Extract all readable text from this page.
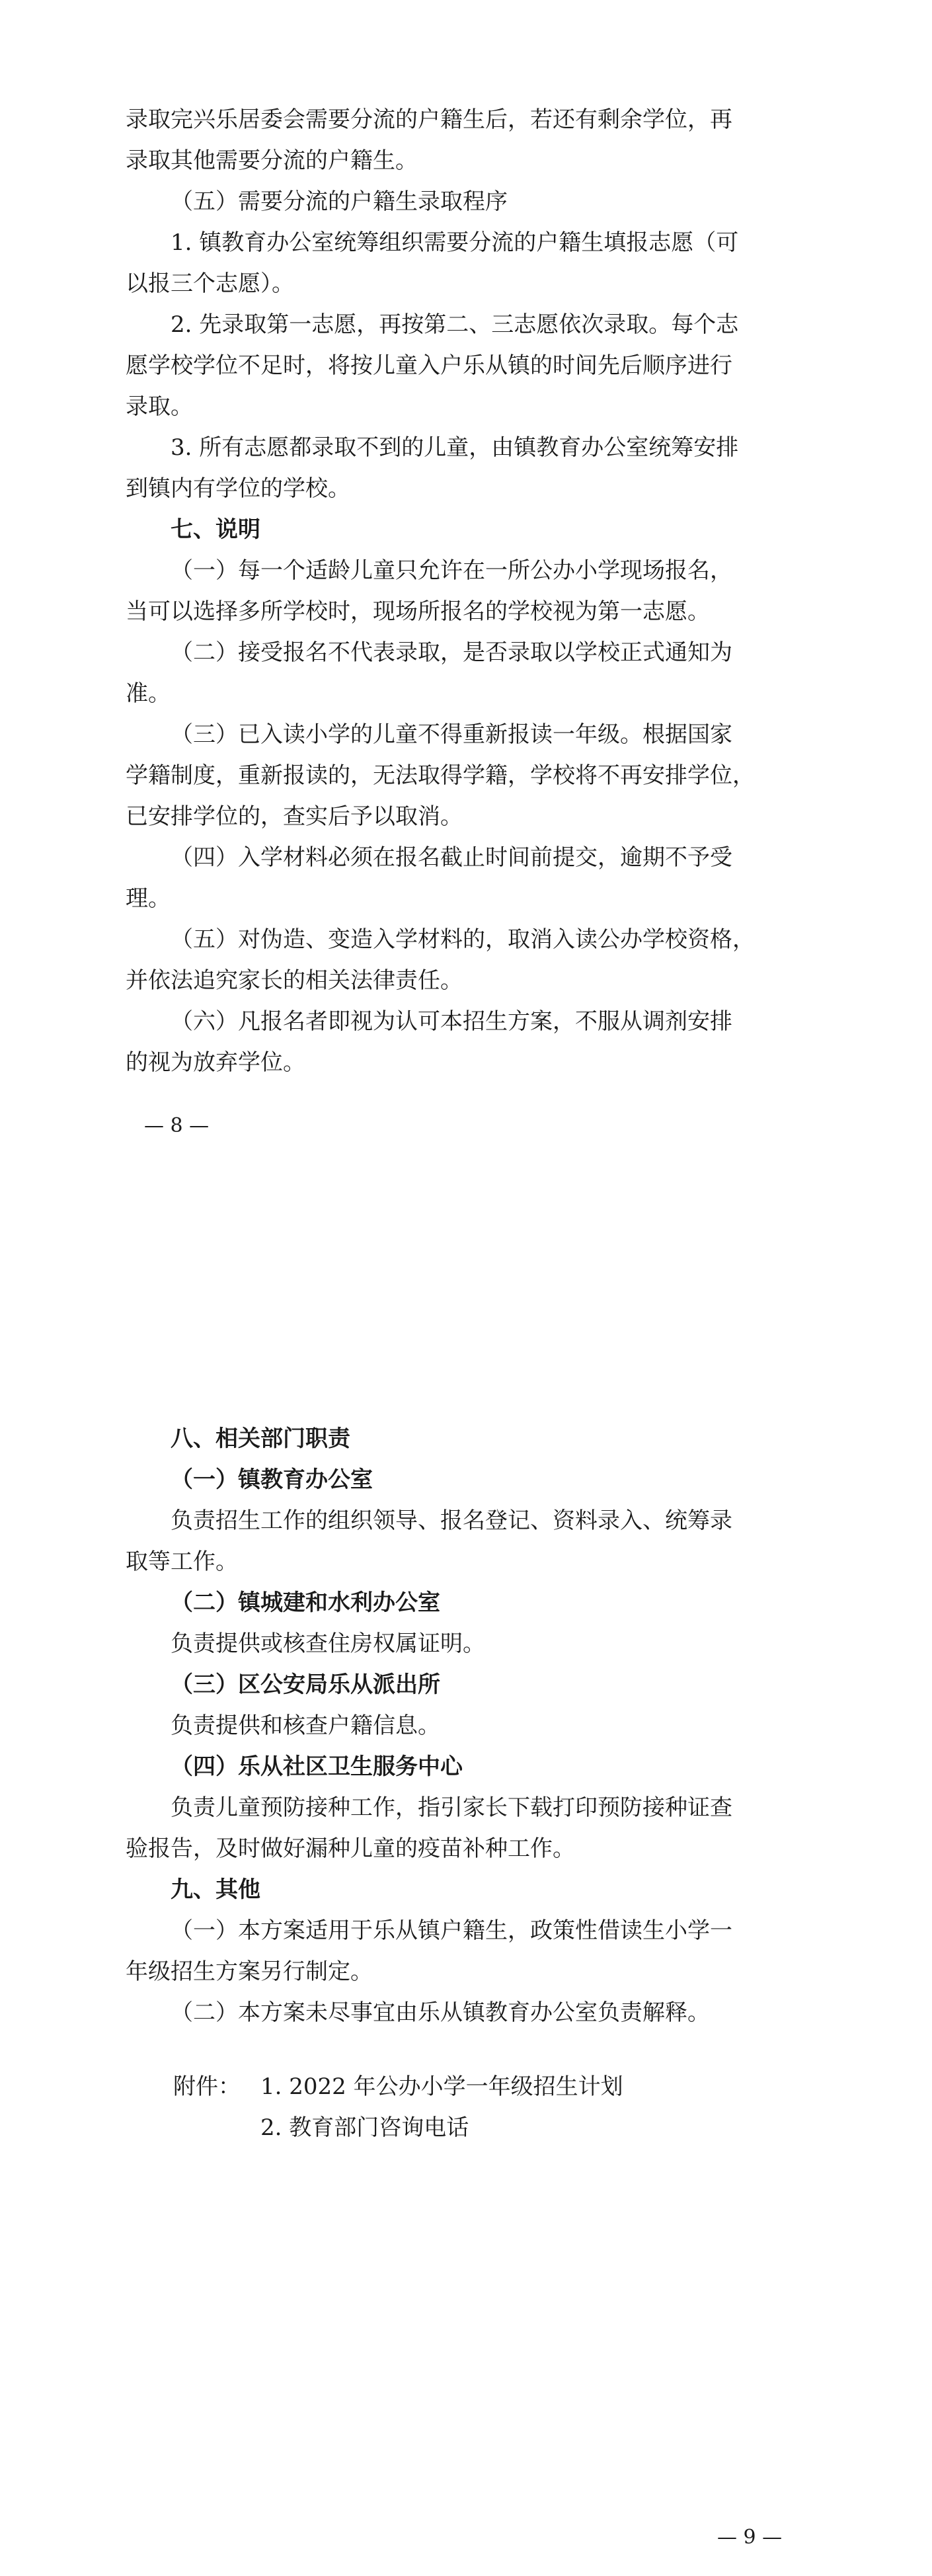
录取完兴乐居委会需要分流的户籍生后，若还有剩余学位，再
录取其他需要分流的户籍生。
（五）需要分流的户籍生录取程序
1. 镇教育办公室统筹组织需要分流的户籍生填报志愿（可
以报三个志愿）。
2. 先录取第一志愿，再按第二、三志愿依次录取。每个志
愿学校学位不足时，将按儿童入户乐从镇的时间先后顺序进行
录取。
3. 所有志愿都录取不到的儿童，由镇教育办公室统筹安排
到镇内有学位的学校。
七、说明
（一）每一个适龄儿童只允许在一所公办小学现场报名，
当可以选择多所学校时，现场所报名的学校视为第一志愿。
（二）接受报名不代表录取，是否录取以学校正式通知为
准。
（三）已入读小学的儿童不得重新报读一年级。根据国家
学籍制度，重新报读的，无法取得学籍，学校将不再安排学位，
已安排学位的，查实后予以取消。
（四）入学材料必须在报名截止时间前提交，逾期不予受
理。
（五）对伪造、变造入学材料的，取消入读公办学校资格，
并依法追究家长的相关法律责任。
（六）凡报名者即视为认可本招生方案，不服从调剂安排
的视为放弃学位。
— 8 —
八、相关部门职责
（一）镇教育办公室
负责招生工作的组织领导、报名登记、资料录入、统筹录
取等工作。
（二）镇城建和水利办公室
负责提供或核查住房权属证明。
（三）区公安局乐从派出所
负责提供和核查户籍信息。
（四）乐从社区卫生服务中心
负责儿童预防接种工作，指引家长下载打印预防接种证查
验报告，及时做好漏种儿童的疫苗补种工作。
九、其他
（一）本方案适用于乐从镇户籍生，政策性借读生小学一
年级招生方案另行制定。
（二）本方案未尽事宜由乐从镇教育办公室负责解释。
附件： 1. 2022 年公办小学一年级招生计划
2. 教育部门咨询电话
— 9 —
